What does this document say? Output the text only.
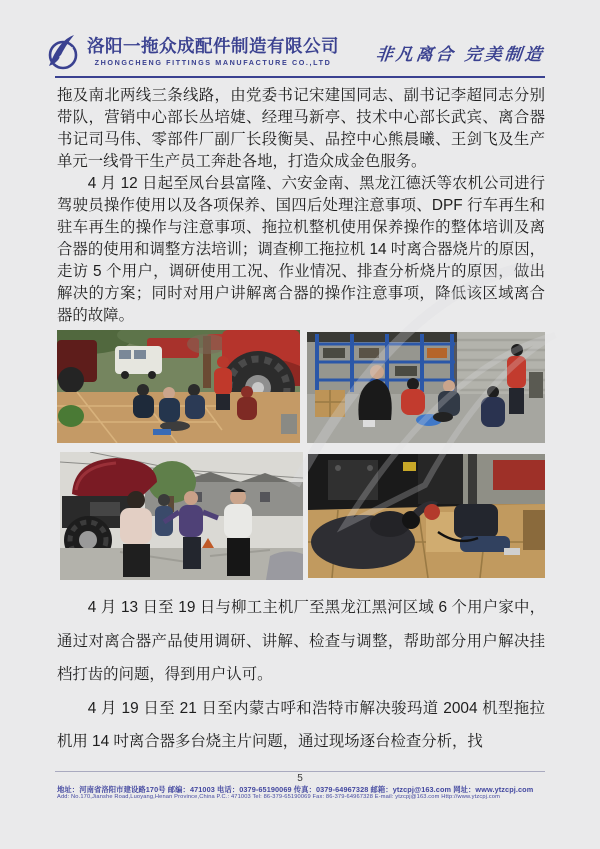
洛阳一拖众成配件制造有限公司
ZHONGCHENG FITTINGS MANUFACTURE CO.,LTD	非凡离合 完美制造

拖及南北两线三条线路，由党委书记宋建国同志、副书记李超同志分别带队，营销中心部长丛培婕、经理马新亭、技术中心部长武宾、离合器书记司马伟、零部件厂副厂长段衡昊、品控中心熊晨曦、王剑飞及生产单元一线骨干生产员工奔赴各地，打造众成金色服务。

4 月 12 日起至凤台县富隆、六安金南、黑龙江德沃等农机公司进行驾驶员操作使用以及各项保养、国四后处理注意事项、DPF 行车再生和驻车再生的操作与注意事项、拖拉机整机使用保养操作的整体培训及离合器的使用和调整方法培训；调查柳工拖拉机 14 吋离合器烧片的原因，走访 5 个用户，调研使用工况、作业情况、排查分析烧片的原因，做出解决的方案；同时对用户讲解离合器的操作注意事项，降低该区域离合器的故障。

4 月 13 日至 19 日与柳工主机厂至黑龙江黑河区域 6 个用户家中，通过对离合器产品使用调研、讲解、检查与调整，帮助部分用户解决挂档打齿的问题，得到用户认可。

4 月 19 日至 21 日至内蒙古呼和浩特市解决骏玛道 2004 机型拖拉机用 14 吋离合器多台烧主片问题，通过现场逐台检查分析，找

5
地址：河南省洛阳市建设路170号 邮编：471003 电话：0379-65190069 传真：0379-64967328 邮箱：ytzcpj@163.com 网址：www.ytzcpj.com
Add: No.170,Jianshe Road,Luoyang,Henan Province,China P.C.: 471003 Tel: 86-379-65190069 Fax: 86-379-64967328 E-mail: ytzcpj@163.com Http://www.ytzcpj.com
